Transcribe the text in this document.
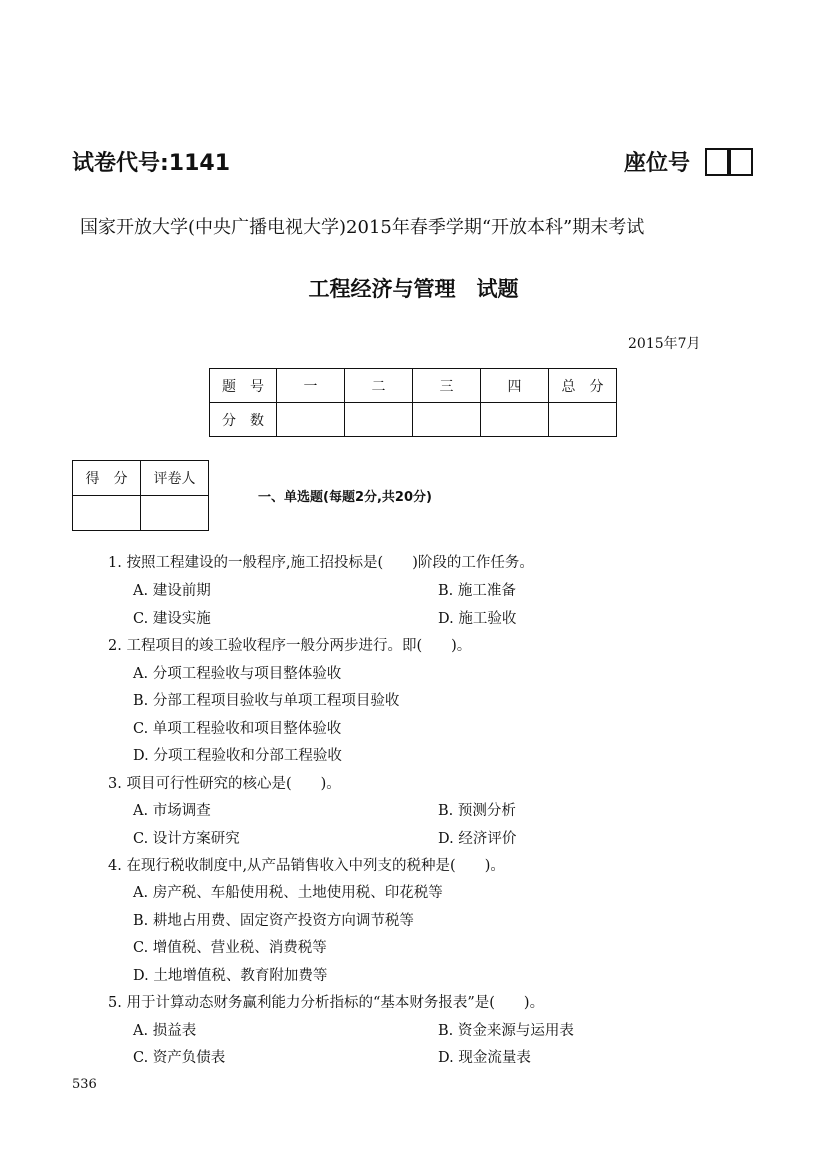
试卷代号:1141	座位号
国家开放大学(中央广播电视大学)2015年春季学期“开放本科”期末考试
工程经济与管理　试题
2015年7月
题　号	一	二	三	四	总　分
分　数					
得　分	评卷人

一、单选题(每题2分,共20分)
1. 按照工程建设的一般程序,施工招投标是(　　)阶段的工作任务。
A. 建设前期	B. 施工准备
C. 建设实施	D. 施工验收
2. 工程项目的竣工验收程序一般分两步进行。即(　　)。
A. 分项工程验收与项目整体验收
B. 分部工程项目验收与单项工程项目验收
C. 单项工程验收和项目整体验收
D. 分项工程验收和分部工程验收
3. 项目可行性研究的核心是(　　)。
A. 市场调查	B. 预测分析
C. 设计方案研究	D. 经济评价
4. 在现行税收制度中,从产品销售收入中列支的税种是(　　)。
A. 房产税、车船使用税、土地使用税、印花税等
B. 耕地占用费、固定资产投资方向调节税等
C. 增值税、营业税、消费税等
D. 土地增值税、教育附加费等
5. 用于计算动态财务赢利能力分析指标的“基本财务报表”是(　　)。
A. 损益表	B. 资金来源与运用表
C. 资产负债表	D. 现金流量表
536
